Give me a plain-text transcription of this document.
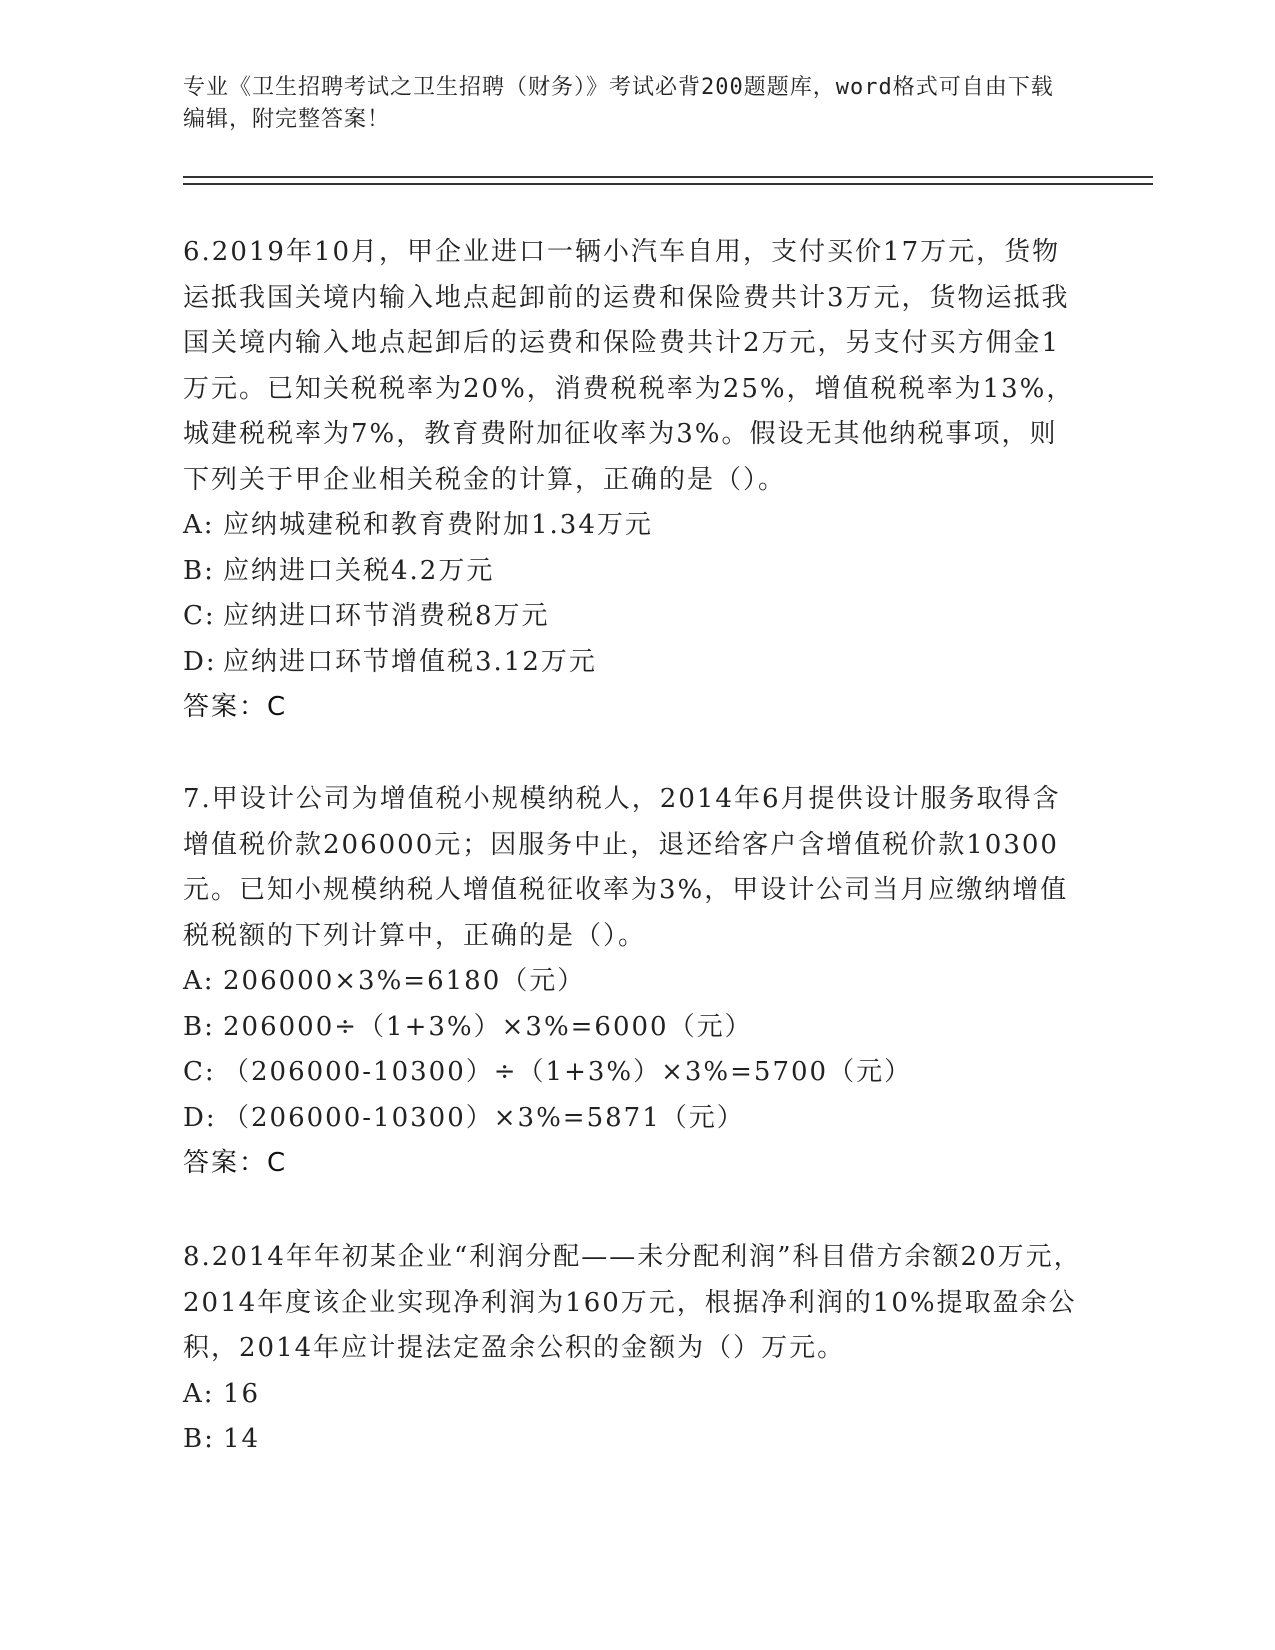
专业《卫生招聘考试之卫生招聘（财务）》考试必背200题题库，word格式可自由下载编辑，附完整答案！

6.2019年10月，甲企业进口一辆小汽车自用，支付买价17万元，货物运抵我国关境内输入地点起卸前的运费和保险费共计3万元，货物运抵我国关境内输入地点起卸后的运费和保险费共计2万元，另支付买方佣金1万元。已知关税税率为20%，消费税税率为25%，增值税税率为13%，城建税税率为7%，教育费附加征收率为3%。假设无其他纳税事项，则下列关于甲企业相关税金的计算，正确的是（）。

A: 应纳城建税和教育费附加1.34万元

B: 应纳进口关税4.2万元

C: 应纳进口环节消费税8万元

D: 应纳进口环节增值税3.12万元

答案：C

7.甲设计公司为增值税小规模纳税人，2014年6月提供设计服务取得含增值税价款206000元；因服务中止，退还给客户含增值税价款10300元。已知小规模纳税人增值税征收率为3%，甲设计公司当月应缴纳增值税税额的下列计算中，正确的是（）。

A: 206000×3%=6180（元）

B: 206000÷（1+3%）×3%=6000（元）

C: （206000-10300）÷（1+3%）×3%=5700（元）

D: （206000-10300）×3%=5871（元）

答案：C

8.2014年年初某企业“利润分配——未分配利润”科目借方余额20万元，2014年度该企业实现净利润为160万元，根据净利润的10%提取盈余公积，2014年应计提法定盈余公积的金额为（）万元。

A: 16

B: 14
